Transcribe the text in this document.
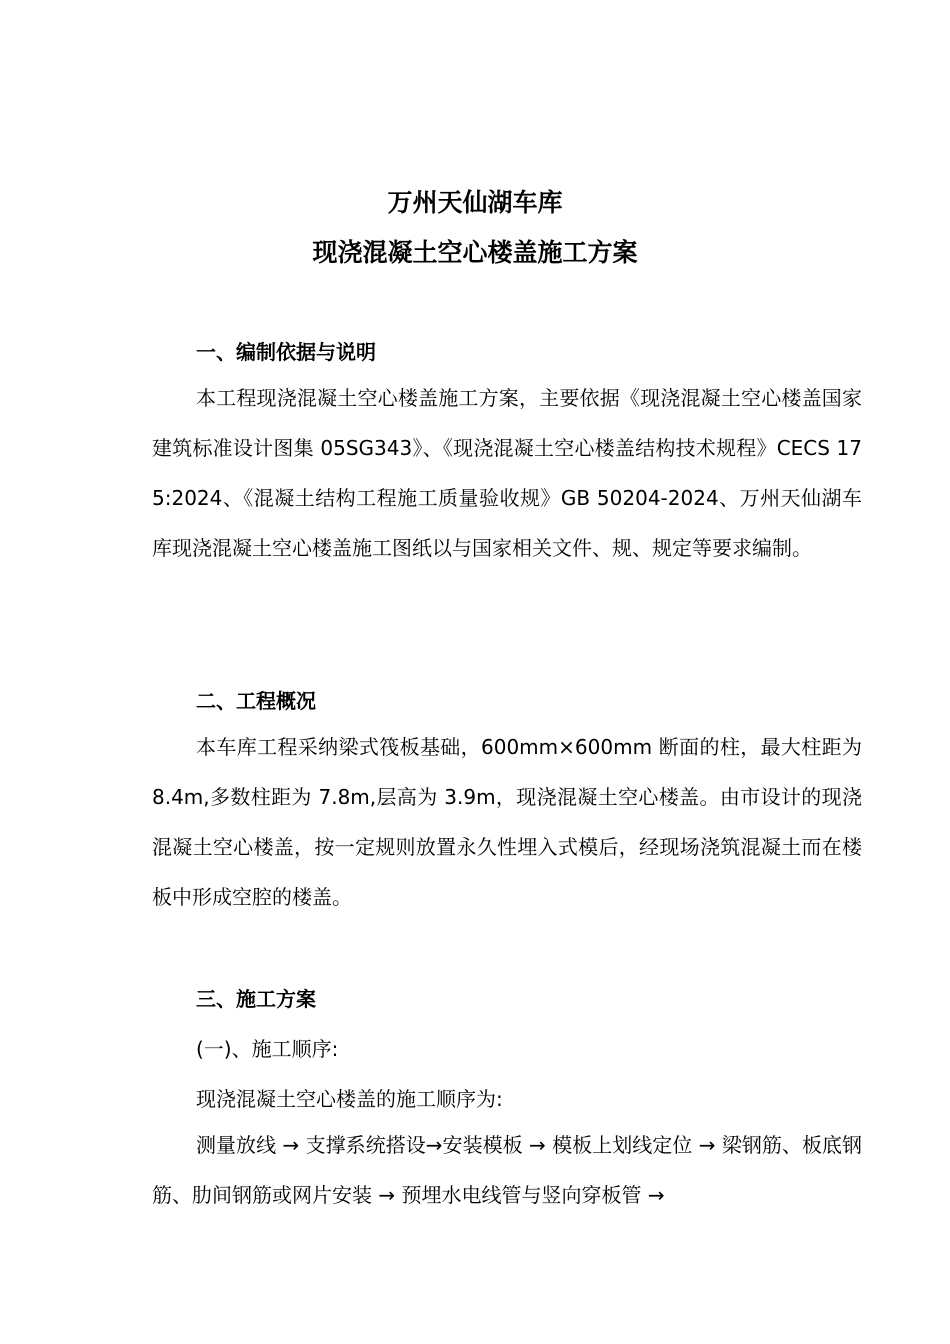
万州天仙湖车库
现浇混凝土空心楼盖施工方案
一、编制依据与说明
本工程现浇混凝土空心楼盖施工方案，主要依据《现浇混凝土空心楼盖国家建筑标准设计图集 05SG343》、《现浇混凝土空心楼盖结构技术规程》CECS 175:2024、《混凝土结构工程施工质量验收规》GB 50204-2024、万州天仙湖车库现浇混凝土空心楼盖施工图纸以与国家相关文件、规、规定等要求编制。
二、工程概况
本车库工程采纳梁式筏板基础，600mm×600mm 断面的柱，最大柱距为 8.4m,多数柱距为 7.8m,层高为 3.9m，现浇混凝土空心楼盖。由市设计的现浇混凝土空心楼盖，按一定规则放置永久性埋入式模后，经现场浇筑混凝土而在楼板中形成空腔的楼盖。
三、施工方案
(一)、施工顺序:
现浇混凝土空心楼盖的施工顺序为:
测量放线 → 支撑系统搭设→安装模板 → 模板上划线定位 → 梁钢筋、板底钢筋、肋间钢筋或网片安装 → 预埋水电线管与竖向穿板管 →
